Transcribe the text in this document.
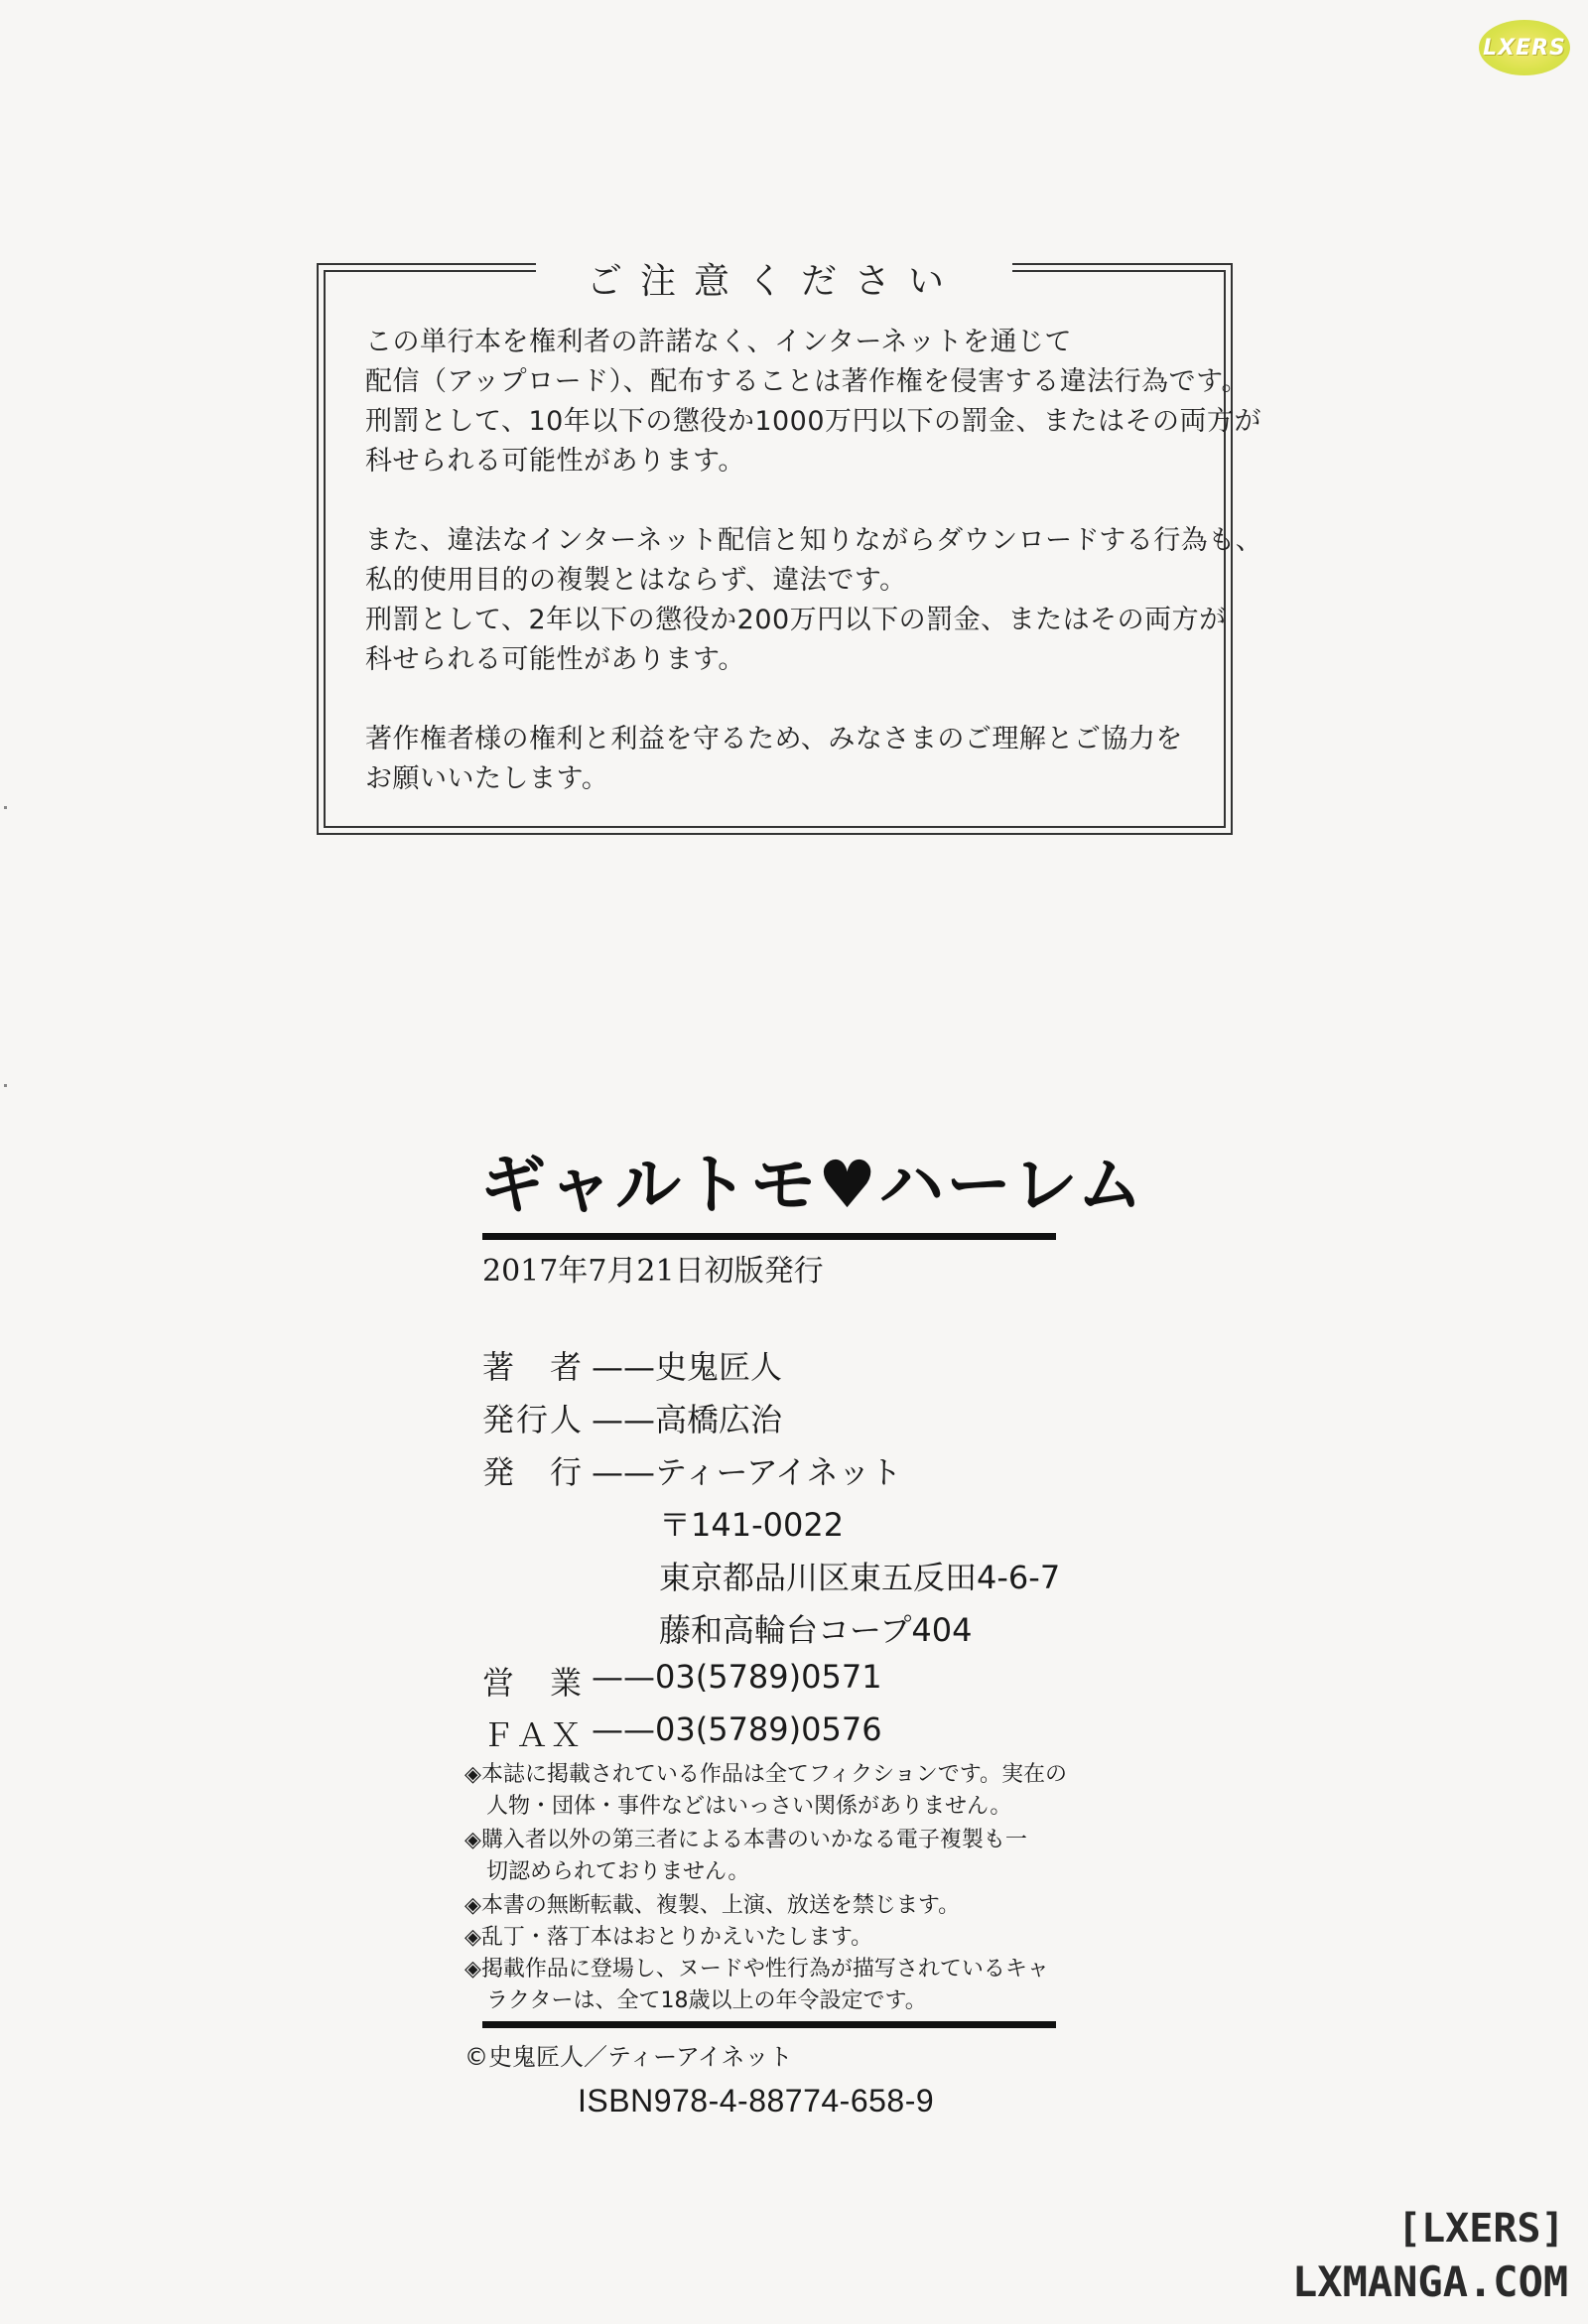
LXERS
ご注意ください
この単行本を権利者の許諾なく、インターネットを通じて
配信（アップロード）、配布することは著作権を侵害する違法行為です。
刑罰として、10年以下の懲役か1000万円以下の罰金、またはその両方が
科せられる可能性があります。
また、違法なインターネット配信と知りながらダウンロードする行為も、
私的使用目的の複製とはならず、違法です。
刑罰として、2年以下の懲役か200万円以下の罰金、またはその両方が
科せられる可能性があります。
著作権者様の権利と利益を守るため、みなさまのご理解とご協力を
お願いいたします。
ギャルトモ♥ハーレム
2017年7月21日初版発行
著　者 ——史鬼匠人
発行人 ——高橋広治
発　行 ——ティーアイネット
〒141-0022
東京都品川区東五反田4-6-7
藤和高輪台コープ404
営　業 ——03(5789)0571
ＦＡＸ ——03(5789)0576
◈本誌に掲載されている作品は全てフィクションです。実在の
　人物・団体・事件などはいっさい関係がありません。
◈購入者以外の第三者による本書のいかなる電子複製も一
　切認められておりません。
◈本書の無断転載、複製、上演、放送を禁じます。
◈乱丁・落丁本はおとりかえいたします。
◈掲載作品に登場し、ヌードや性行為が描写されているキャ
　ラクターは、全て18歳以上の年令設定です。
©史鬼匠人／ティーアイネット
ISBN978-4-88774-658-9
[LXERS]
LXMANGA.COM
